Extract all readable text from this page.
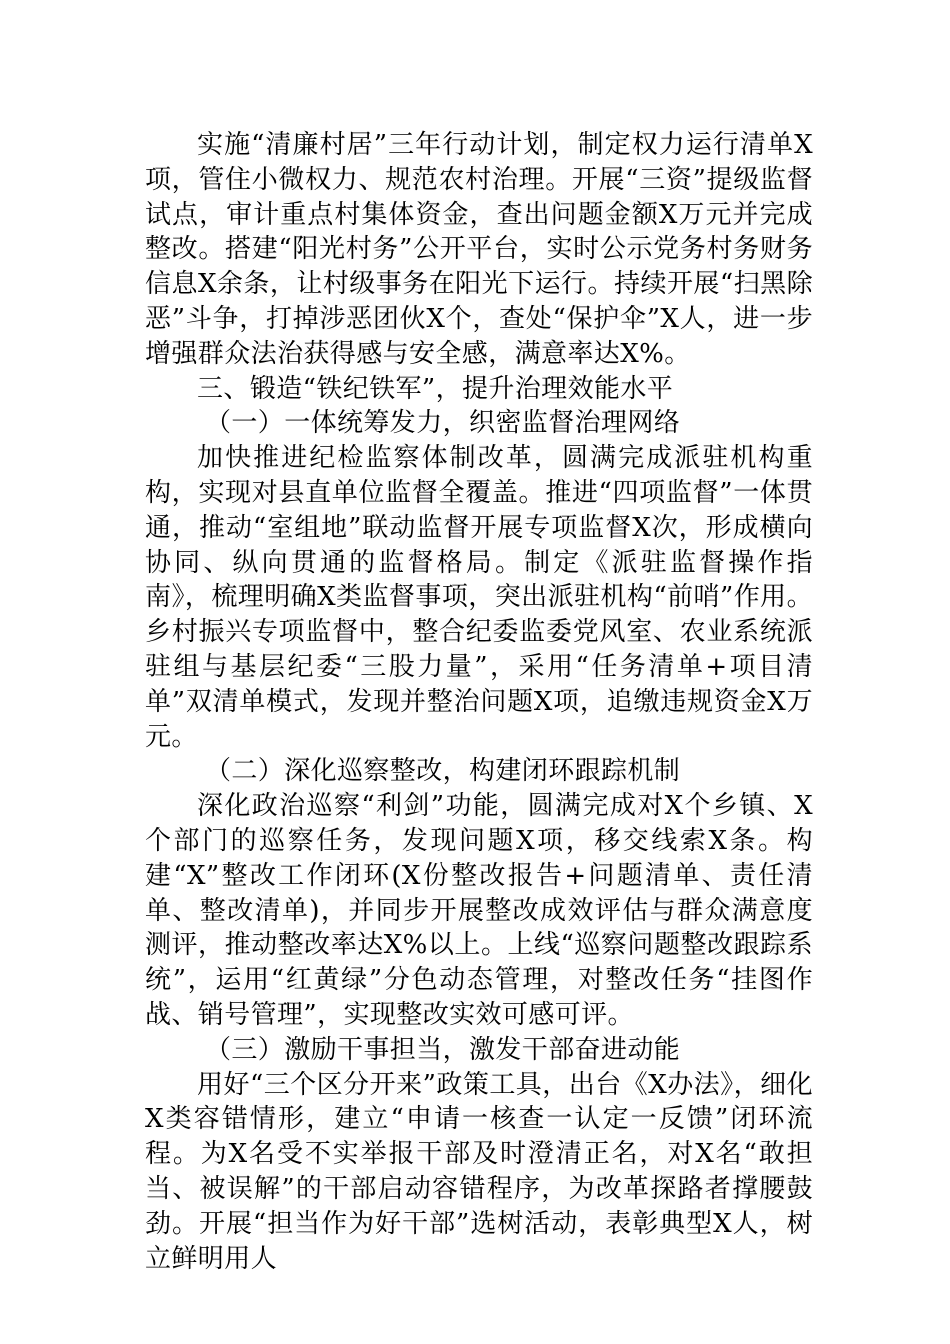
实施“清廉村居”三年行动计划，制定权力运行清单X项，管住小微权力、规范农村治理。开展“三资”提级监督试点，审计重点村集体资金，查出问题金额X万元并完成整改。搭建“阳光村务”公开平台，实时公示党务村务财务信息X余条，让村级事务在阳光下运行。持续开展“扫黑除恶”斗争，打掉涉恶团伙X个，查处“保护伞”X人，进一步增强群众法治获得感与安全感，满意率达X%。

三、锻造“铁纪铁军”，提升治理效能水平

（一）一体统筹发力，织密监督治理网络

加快推进纪检监察体制改革，圆满完成派驻机构重构，实现对县直单位监督全覆盖。推进“四项监督”一体贯通，推动“室组地”联动监督开展专项监督X次，形成横向协同、纵向贯通的监督格局。制定《派驻监督操作指南》，梳理明确X类监督事项，突出派驻机构“前哨”作用。乡村振兴专项监督中，整合纪委监委党风室、农业系统派驻组与基层纪委“三股力量”，采用“任务清单+项目清单”双清单模式，发现并整治问题X项，追缴违规资金X万元。

（二）深化巡察整改，构建闭环跟踪机制

深化政治巡察“利剑”功能，圆满完成对X个乡镇、X个部门的巡察任务，发现问题X项，移交线索X条。构建“X”整改工作闭环(X份整改报告+问题清单、责任清单、整改清单)，并同步开展整改成效评估与群众满意度测评，推动整改率达X%以上。上线“巡察问题整改跟踪系统”，运用“红黄绿”分色动态管理，对整改任务“挂图作战、销号管理”，实现整改实效可感可评。

（三）激励干事担当，激发干部奋进动能

用好“三个区分开来”政策工具，出台《X办法》，细化X类容错情形，建立“申请一核查一认定一反馈”闭环流程。为X名受不实举报干部及时澄清正名，对X名“敢担当、被误解”的干部启动容错程序，为改革探路者撑腰鼓劲。开展“担当作为好干部”选树活动，表彰典型X人，树立鲜明用人
